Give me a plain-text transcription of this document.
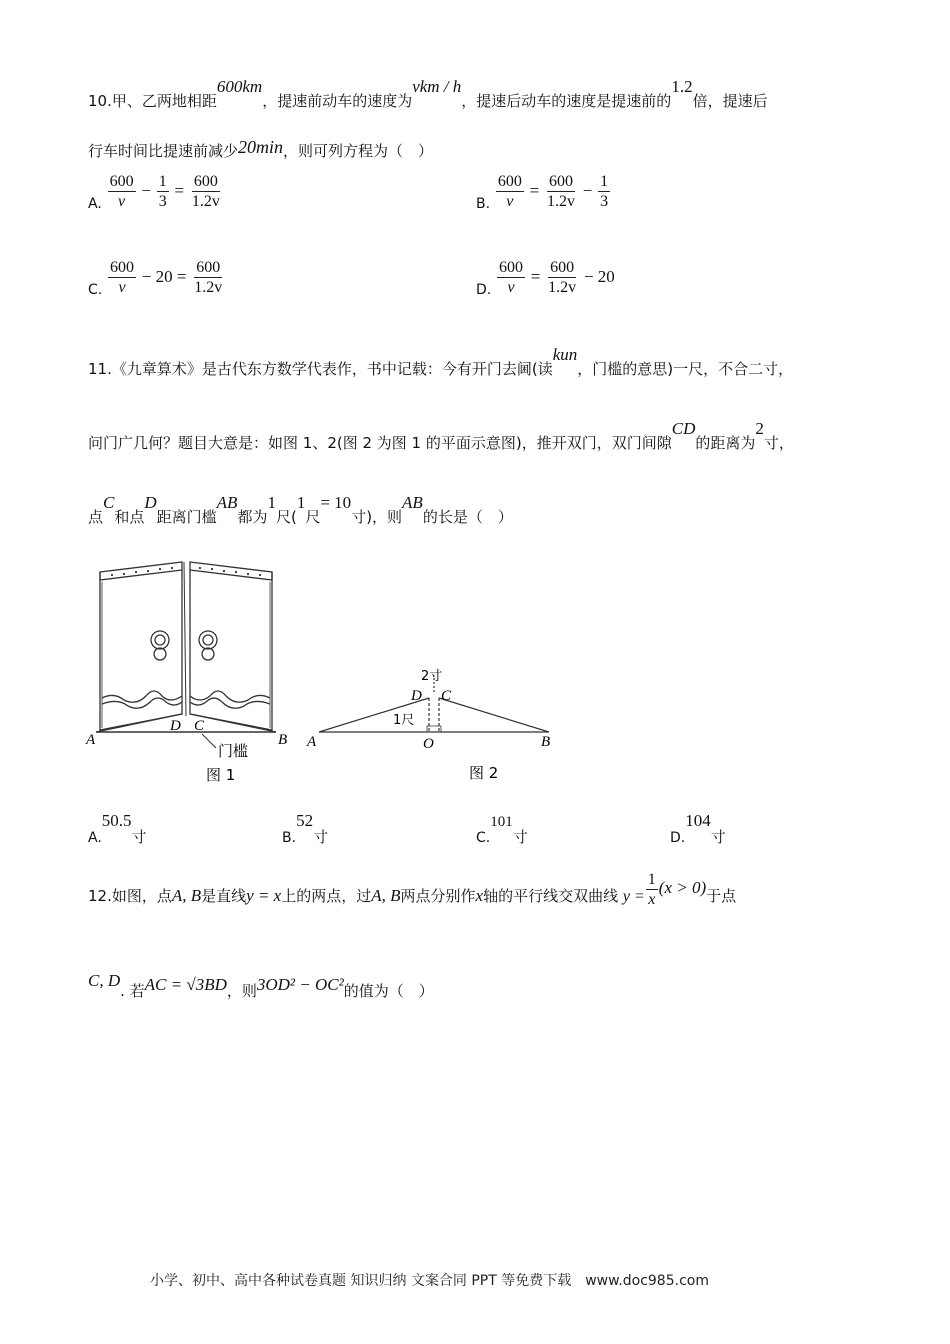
10.甲、乙两地相距600km，提速前动车的速度为vkm / h，提速后动车的速度是提速前的1.2倍，提速后
行车时间比提速前减少20min，则可列方程为（　）
A. $\frac{600}{v} - \frac{1}{3} = \frac{600}{1.2v}$	B. $\frac{600}{v} = \frac{600}{1.2v} - \frac{1}{3}$
C. $\frac{600}{v} - 20 = \frac{600}{1.2v}$	D. $\frac{600}{v} = \frac{600}{1.2v} - 20$
11.《九章算术》是古代东方数学代表作，书中记载：今有开门去阃(读kun，门槛的意思)一尺，不合二寸，
问门广几何？题目大意是：如图 1、2(图 2 为图 1 的平面示意图)，推开双门，双门间隙CD的距离为2寸，
点C和点D距离门槛AB都为1尺(1尺= 10寸)，则AB的长是（　）
A	B
D C
门槛
图 1
2寸
D C
1尺
A	B
O
图 2
A.50.5寸	B.52寸	C.101寸	D.104寸
12.如图，点A, B是直线y = x上的两点，过A, B两点分别作x轴的平行线交双曲线 $y = \frac{1}{x} (x > 0)$于点
C, D. 若AC = √3BD，则3OD² − OC²的值为（　）
小学、初中、高中各种试卷真题 知识归纳 文案合同 PPT 等免费下载　www.doc985.com
